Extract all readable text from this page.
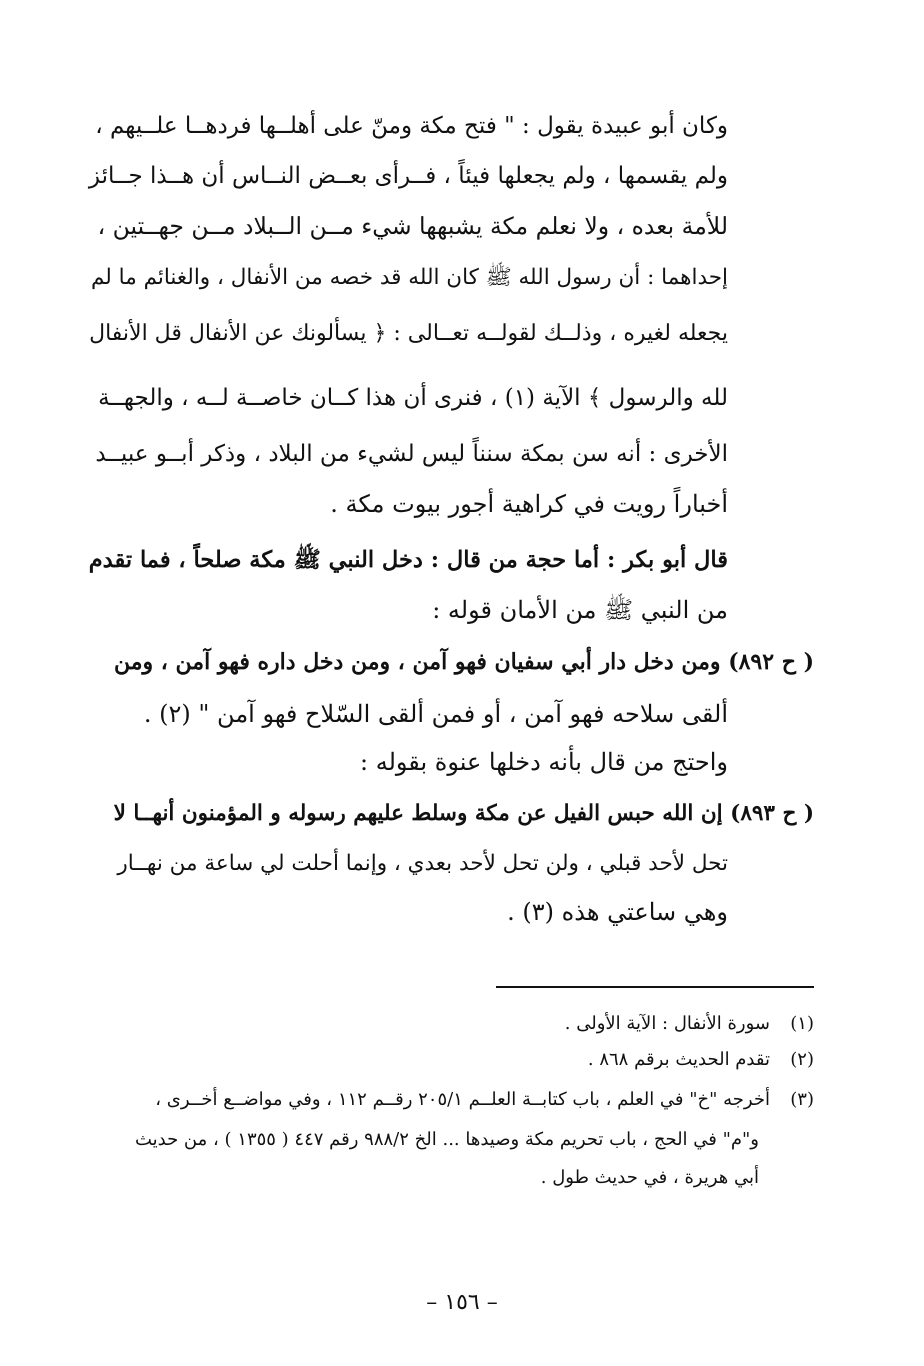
وكان أبو عبيدة يقول : " فتح مكة ومنّ على أهلــها فردهــا علــيهم ،
ولم يقسمها ، ولم يجعلها فيئاً ، فــرأى بعــض النــاس أن هــذا جــائز
للأمة بعده ، ولا نعلم مكة يشبهها شيء مــن الــبلاد مــن جهــتين ،
إحداهما : أن رسول الله ﷺ كان الله قد خصه من الأنفال ، والغنائم ما لم
يجعله لغيره ، وذلــك لقولــه تعــالى : ﴿ يسألونك عن الأنفال قل الأنفال
لله والرسول ﴾ الآية (١) ، فنرى أن هذا كــان خاصــة لــه ، والجهــة
الأخرى : أنه سن بمكة سنناً ليس لشيء من البلاد ، وذكر أبــو عبيــد
أخباراً رويت في كراهية أجور بيوت مكة .
قال أبو بكر : أما حجة من قال : دخل النبي ﷺ مكة صلحاً ، فما تقدم
من النبي ﷺ من الأمان قوله :
( ح ٨٩٢) ومن دخل دار أبي سفيان فهو آمن ، ومن دخل داره فهو آمن ، ومن
ألقى سلاحه فهو آمن ، أو فمن ألقى السّلاح فهو آمن " (٢) .
واحتج من قال بأنه دخلها عنوة بقوله :
( ح ٨٩٣) إن الله حبس الفيل عن مكة وسلط عليهم رسوله و المؤمنون أنهــا لا
تحل لأحد قبلي ، ولن تحل لأحد بعدي ، وإنما أحلت لي ساعة من نهــار
وهي ساعتي هذه (٣) .
(١)سورة الأنفال : الآية الأولى .
(٢)تقدم الحديث برقم ٨٦٨ .
(٣)أخرجه "خ" في العلم ، باب كتابــة العلــم ٢٠٥/١ رقــم ١١٢ ، وفي مواضــع أخــرى ،
و"م" في الحج ، باب تحريم مكة وصيدها ... الخ ٩٨٨/٢ رقم ٤٤٧ ( ١٣٥٥ ) ، من حديث
أبي هريرة ، في حديث طول .
– ١٥٦ –
